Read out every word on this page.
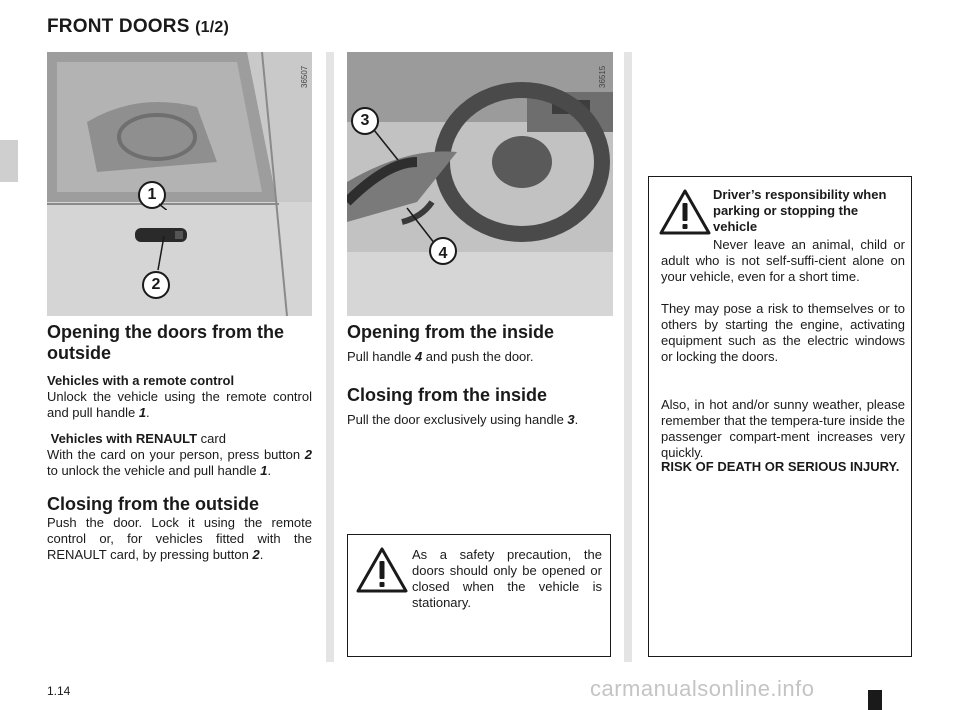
FRONT DOORS (1/2)
36507
1
2
36515
3
4
Opening the doors from the outside
Vehicles with a remote control
Unlock the vehicle using the remote control and pull handle 1.
Vehicles with RENAULT card
With the card on your person, press button 2 to unlock the vehicle and pull handle 1.
Closing from the outside
Push the door. Lock it using the remote control or, for vehicles fitted with the RENAULT card, by pressing button 2.
Opening from the inside
Pull handle 4 and push the door.
Closing from the inside
Pull the door exclusively using handle 3.
As a safety precaution, the doors should only be opened or closed when the vehicle is stationary.
Driver’s responsibility when parking or stopping the vehicle
Never leave an animal, child or adult who is not self-suffi-cient alone on your vehicle, even for a short time.
They may pose a risk to themselves or to others by starting the engine, activating equipment such as the electric windows or locking the doors.
Also, in hot and/or sunny weather, please remember that the tempera-ture inside the passenger compart-ment increases very quickly.
RISK OF DEATH OR SERIOUS INJURY.
1.14	carmanualsonline.info
